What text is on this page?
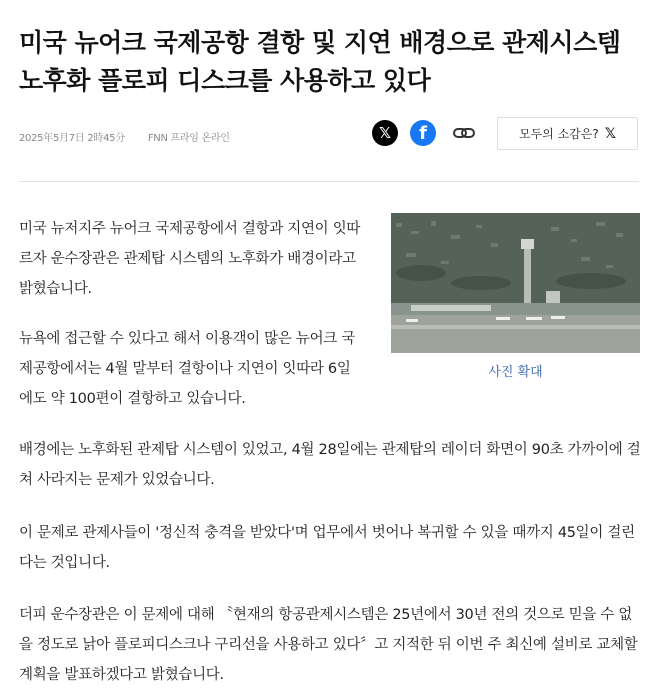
미국 뉴어크 국제공항 결항 및 지연 배경으로 관제시스템 노후화 플로피 디스크를 사용하고 있다
2025年5月7日 2時45分 FNN 프라임 온라인	𝕏 f	모두의 소감은? 𝕏
사진 확대

미국 뉴저지주 뉴어크 국제공항에서 결항과 지연이 잇따르자 운수장관은 관제탑 시스템의 노후화가 배경이라고 밝혔습니다.

뉴욕에 접근할 수 있다고 해서 이용객이 많은 뉴어크 국제공항에서는 4월 말부터 결항이나 지연이 잇따라 6일에도 약 100편이 결항하고 있습니다.

배경에는 노후화된 관제탑 시스템이 있었고, 4월 28일에는 관제탑의 레이더 화면이 90초 가까이에 걸쳐 사라지는 문제가 있었습니다.

이 문제로 관제사들이 '정신적 충격을 받았다'며 업무에서 벗어나 복귀할 수 있을 때까지 45일이 걸린다는 것입니다.

더피 운수장관은 이 문제에 대해 〝현재의 항공관제시스템은 25년에서 30년 전의 것으로 믿을 수 없을 정도로 낡아 플로피디스크나 구리선을 사용하고 있다〞고 지적한 뒤 이번 주 최신예 설비로 교체할 계획을 발표하겠다고 밝혔습니다.
